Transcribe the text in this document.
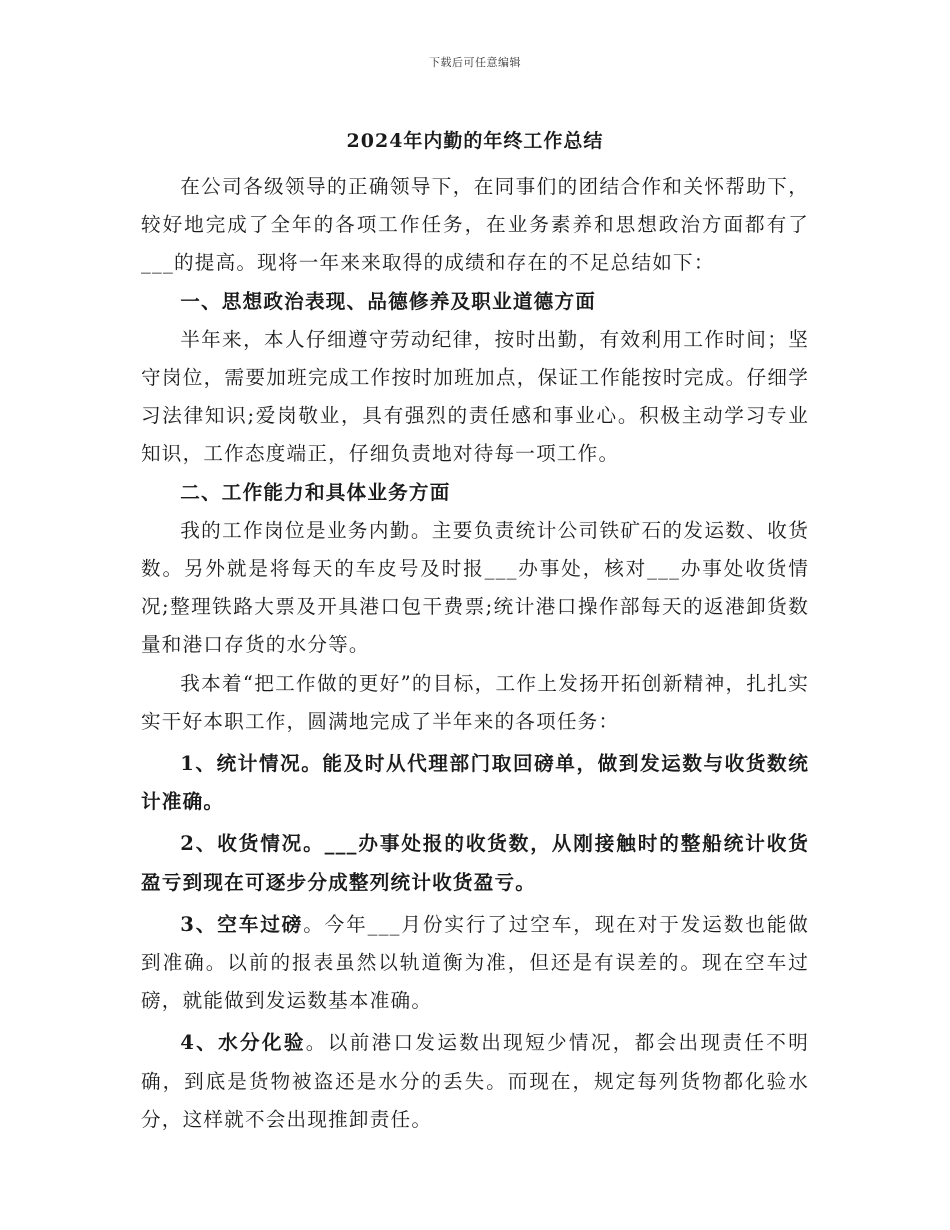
下载后可任意编辑
2024年内勤的年终工作总结

在公司各级领导的正确领导下，在同事们的团结合作和关怀帮助下，较好地完成了全年的各项工作任务，在业务素养和思想政治方面都有了___的提高。现将一年来来取得的成绩和存在的不足总结如下：

一、思想政治表现、品德修养及职业道德方面

半年来，本人仔细遵守劳动纪律，按时出勤，有效利用工作时间；坚守岗位，需要加班完成工作按时加班加点，保证工作能按时完成。仔细学习法律知识;爱岗敬业，具有强烈的责任感和事业心。积极主动学习专业知识，工作态度端正，仔细负责地对待每一项工作。

二、工作能力和具体业务方面

我的工作岗位是业务内勤。主要负责统计公司铁矿石的发运数、收货数。另外就是将每天的车皮号及时报___办事处，核对___办事处收货情况;整理铁路大票及开具港口包干费票;统计港口操作部每天的返港卸货数量和港口存货的水分等。

我本着“把工作做的更好”的目标，工作上发扬开拓创新精神，扎扎实实干好本职工作，圆满地完成了半年来的各项任务：

1、统计情况。能及时从代理部门取回磅单，做到发运数与收货数统计准确。

2、收货情况。___办事处报的收货数，从刚接触时的整船统计收货盈亏到现在可逐步分成整列统计收货盈亏。

3、空车过磅。今年___月份实行了过空车，现在对于发运数也能做到准确。以前的报表虽然以轨道衡为准，但还是有误差的。现在空车过磅，就能做到发运数基本准确。

4、水分化验。以前港口发运数出现短少情况，都会出现责任不明确，到底是货物被盗还是水分的丢失。而现在，规定每列货物都化验水分，这样就不会出现推卸责任。
